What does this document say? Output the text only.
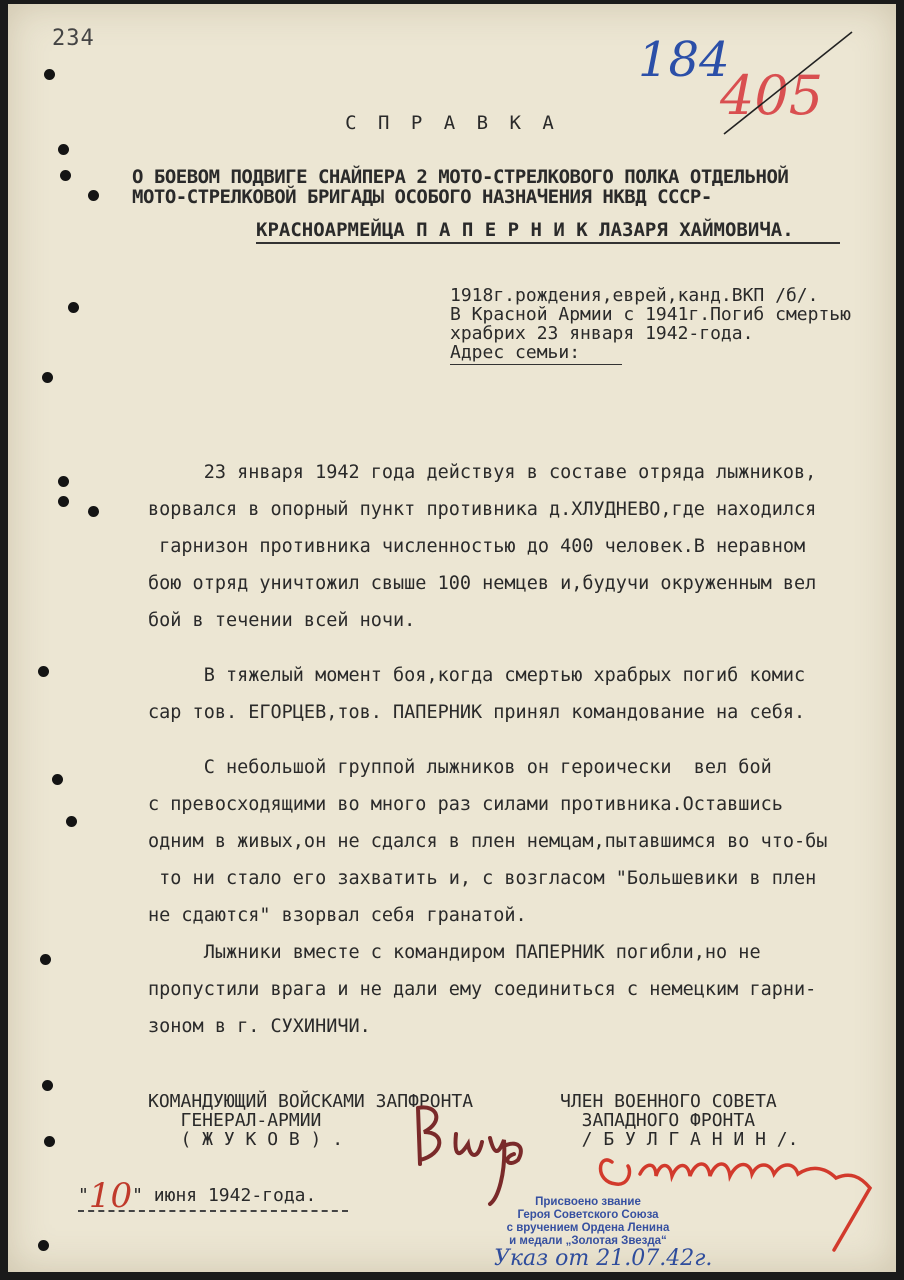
234	184
405
С П Р А В К А
О БОЕВОМ ПОДВИГЕ СНАЙПЕРА 2 МОТО-СТРЕЛКОВОГО ПОЛКА ОТДЕЛЬНОЙ
МОТО-СТРЕЛКОВОЙ БРИГАДЫ ОСОБОГО НАЗНАЧЕНИЯ НКВД СССР-
КРАСНОАРМЕЙЦА П А П Е Р Н И К ЛАЗАРЯ ХАЙМОВИЧА.
1918г.рождения,еврей,канд.ВКП /б/.
В Красной Армии с 1941г.Погиб смертью
храбрих 23 января 1942-года.
Адрес семьи:

23 января 1942 года действуя в составе отряда лыжников,

ворвался в опорный пункт противника д.ХЛУДНЕВО,где находился

гарнизон противника численностью до 400 человек.В неравном

бою отряд уничтожил свыше 100 немцев и,будучи окруженным вел

бой в течении всей ночи.

В тяжелый момент боя,когда смертью храбрых погиб комис

сар тов. ЕГОРЦЕВ,тов. ПАПЕРНИК принял командование на себя.

С небольшой группой лыжников он героически  вел бой

с превосходящими во много раз силами противника.Оставшись

одним в живых,он не сдался в плен немцам,пытавшимся во что-бы

то ни стало его захватить и, с возгласом "Большевики в плен

не сдаются" взорвал себя гранатой.

Лыжники вместе с командиром ПАПЕРНИК погибли,но не

пропустили врага и не дали ему соединиться с немецким гарни-

зоном в г. СУХИНИЧИ.

КОМАНДУЮЩИЙ ВОЙСКАМИ ЗАПФРОНТА
ГЕНЕРАЛ-АРМИИ
( Ж У К О В ) .
ЧЛЕН ВОЕННОГО СОВЕТА
ЗАПАДНОГО ФРОНТА
/ Б У Л Г А Н И Н /.
"10" июня 1942-года.	Присвоено звание
Героя Советского Союза
с вручением Ордена Ленина
и медали „Золотая Звезда“
Указ от 21.07.42г.
